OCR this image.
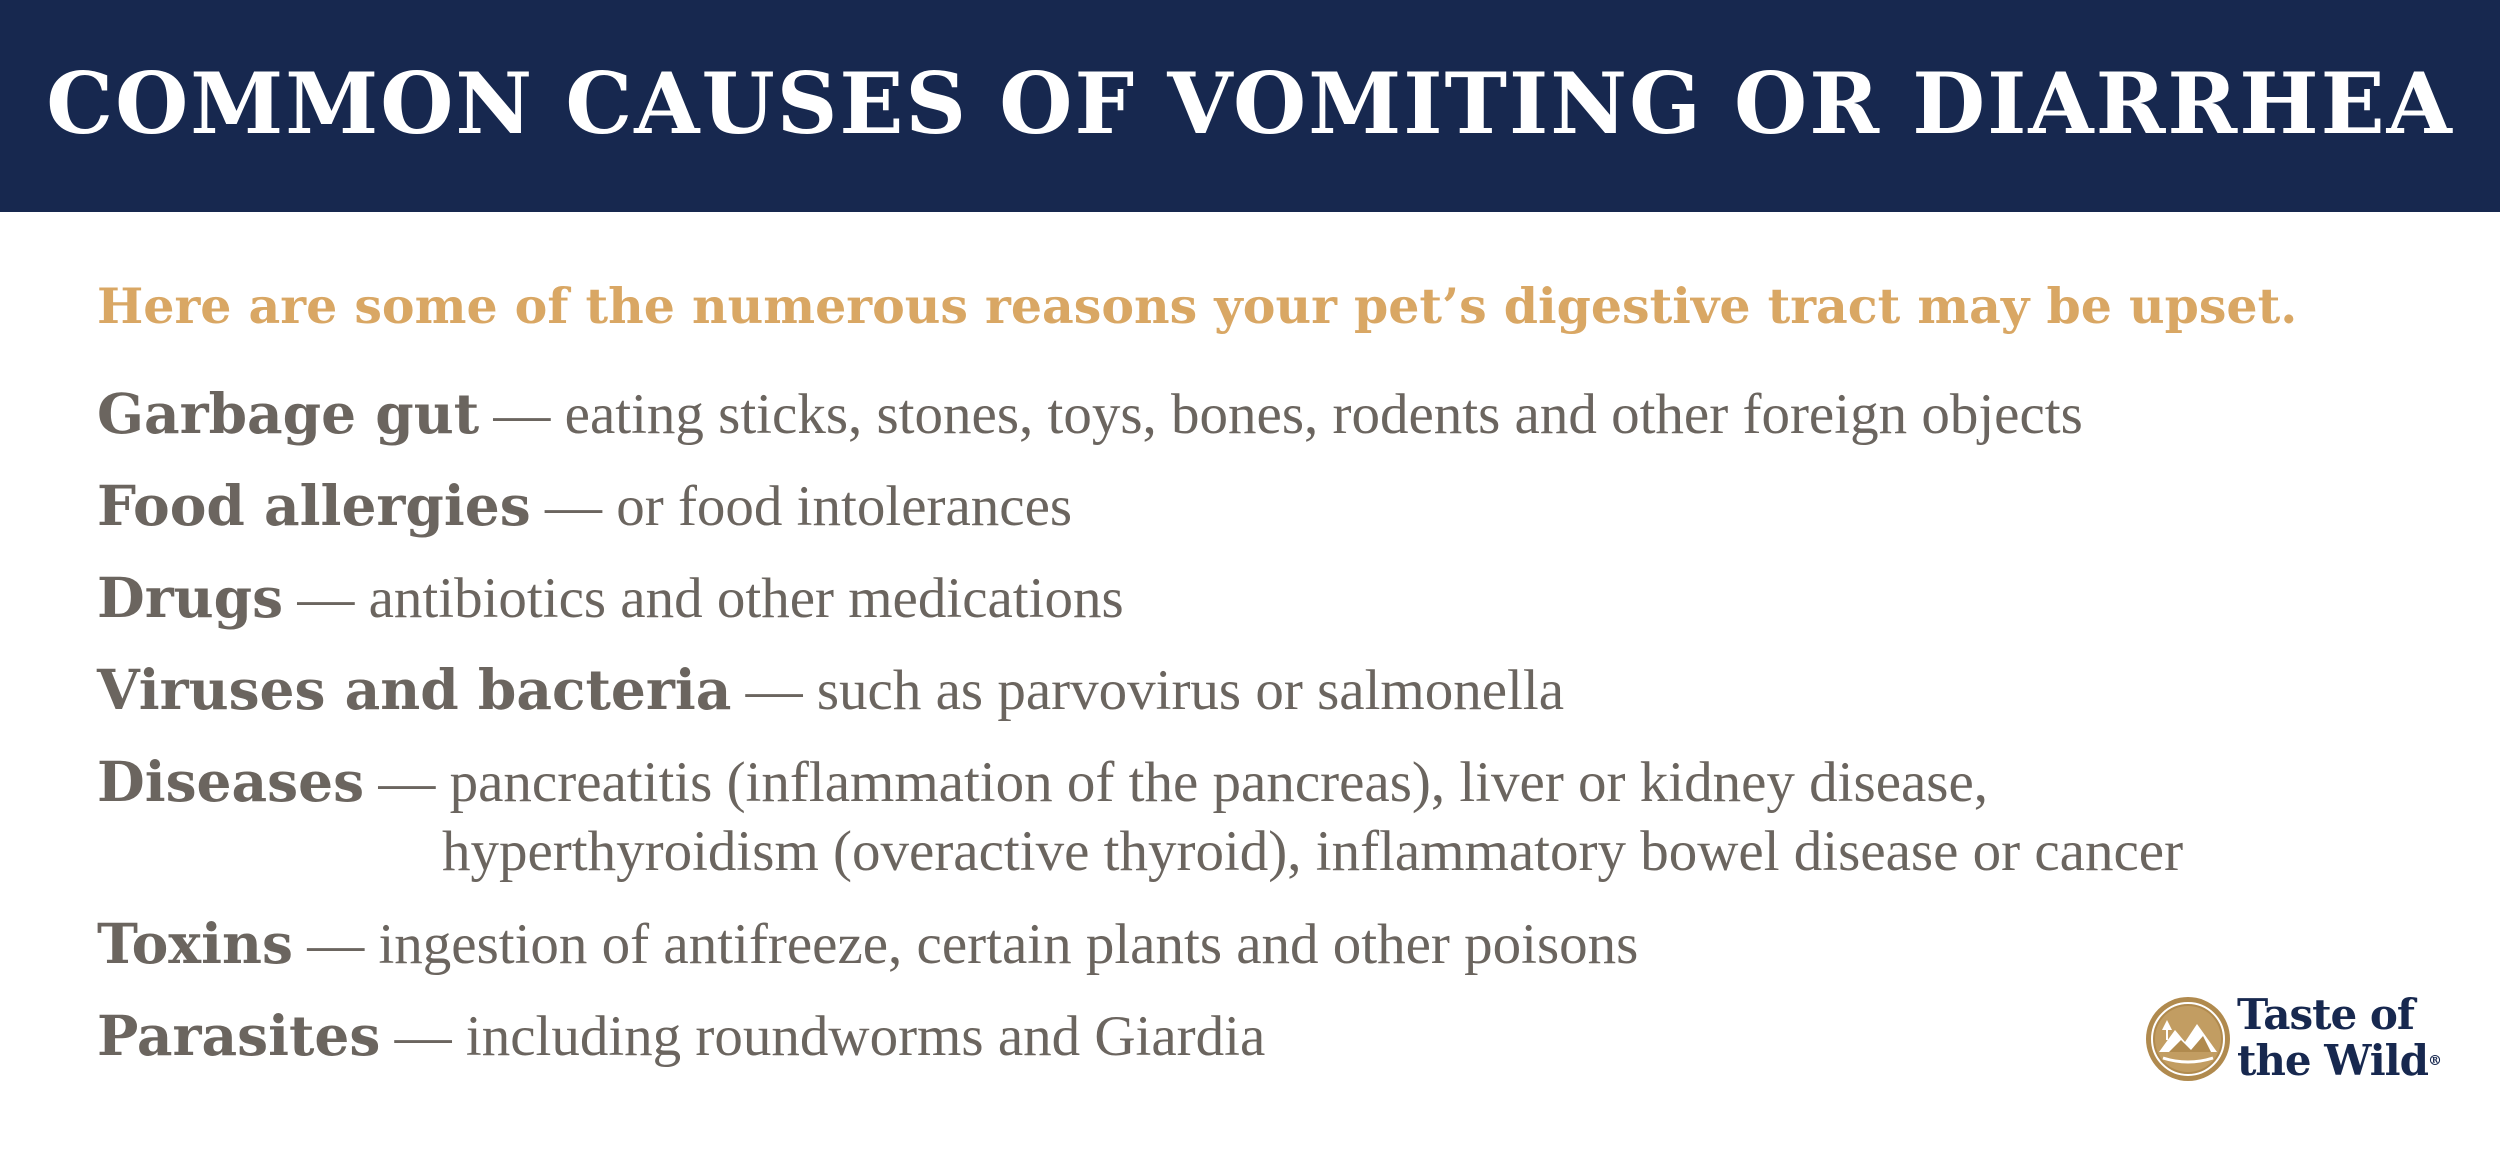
COMMON CAUSES OF VOMITING OR DIARRHEA
Here are some of the numerous reasons your pet’s digestive tract may be upset.
Garbage gut — eating sticks, stones, toys, bones, rodents and other foreign objects
Food allergies — or food intolerances
Drugs — antibiotics and other medications
Viruses and bacteria — such as parvovirus or salmonella
Diseases — pancreatitis (inflammation of the pancreas), liver or kidney disease,
hyperthyroidism (overactive thyroid), inflammatory bowel disease or cancer
Toxins — ingestion of antifreeze, certain plants and other poisons
Parasites — including roundworms and Giardia	Taste of
the Wild®
